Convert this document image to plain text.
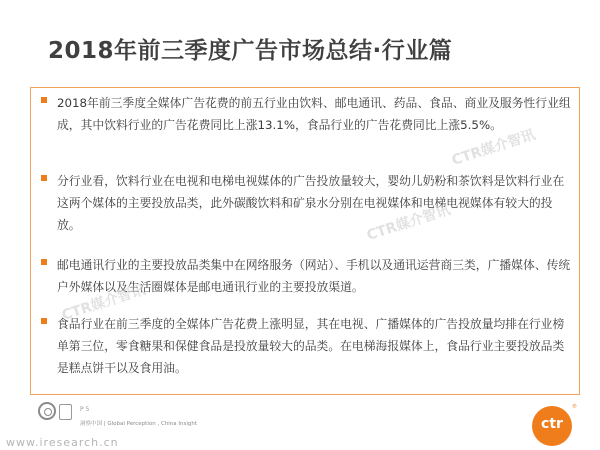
2018年前三季度广告市场总结·行业篇

2018年前三季度全媒体广告花费的前五行业由饮料、邮电通讯、药品、食品、商业及服务性行业组成，其中饮料行业的广告花费同比上涨13.1%，食品行业的广告花费同比上涨5.5%。

分行业看，饮料行业在电视和电梯电视媒体的广告投放量较大，婴幼儿奶粉和茶饮料是饮料行业在这两个媒体的主要投放品类，此外碳酸饮料和矿泉水分别在电视媒体和电梯电视媒体有较大的投放。

邮电通讯行业的主要投放品类集中在网络服务（网站）、手机以及通讯运营商三类，广播媒体、传统户外媒体以及生活圈媒体是邮电通讯行业的主要投放渠道。

食品行业在前三季度的全媒体广告花费上涨明显，其在电视、广播媒体的广告投放量均排在行业榜单第三位，零食糖果和保健食品是投放量较大的品类。在电梯海报媒体上，食品行业主要投放品类是糕点饼干以及食用油。

CTR媒介智讯
CTR媒介智讯
CTR媒介智讯
P 5
洞察中国 | Global Perception , China Insight
www.iresearch.cn
ctr
®
